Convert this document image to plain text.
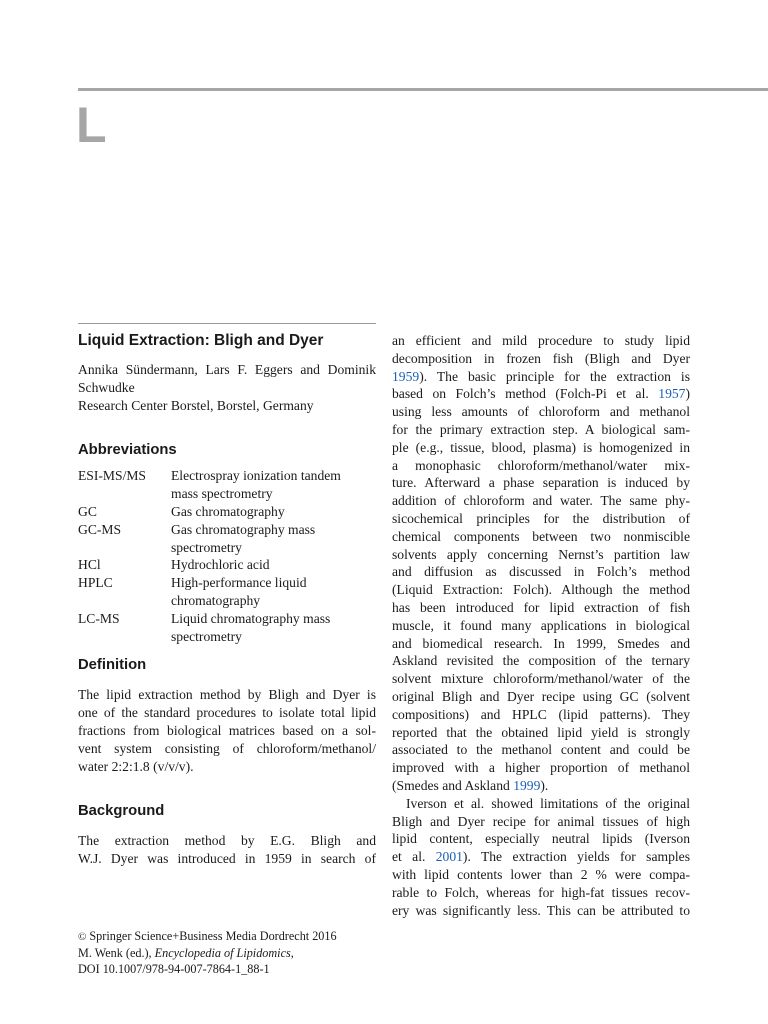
L
Liquid Extraction: Bligh and Dyer

Annika Sündermann, Lars F. Eggers and Dominik

Schwudke

Research Center Borstel, Borstel, Germany

Abbreviations
ESI-MS/MS	Electrospray ionization tandem
mass spectrometry
GC	Gas chromatography
GC-MS	Gas chromatography mass
spectrometry
HCl	Hydrochloric acid
HPLC	High-performance liquid
chromatography
LC-MS	Liquid chromatography mass
spectrometry
Definition

The lipid extraction method by Bligh and Dyer is

one of the standard procedures to isolate total lipid

fractions from biological matrices based on a sol-

vent system consisting of chloroform/methanol/

water 2:2:1.8 (v/v/v).

Background

The extraction method by E.G. Bligh and

W.J. Dyer was introduced in 1959 in search of

an efficient and mild procedure to study lipid

decomposition in frozen fish (Bligh and Dyer

1959). The basic principle for the extraction is

based on Folch’s method (Folch-Pi et al. 1957)

using less amounts of chloroform and methanol

for the primary extraction step. A biological sam-

ple (e.g., tissue, blood, plasma) is homogenized in

a monophasic chloroform/methanol/water mix-

ture. Afterward a phase separation is induced by

addition of chloroform and water. The same phy-

sicochemical principles for the distribution of

chemical components between two nonmiscible

solvents apply concerning Nernst’s partition law

and diffusion as discussed in Folch’s method

(Liquid Extraction: Folch). Although the method

has been introduced for lipid extraction of fish

muscle, it found many applications in biological

and biomedical research. In 1999, Smedes and

Askland revisited the composition of the ternary

solvent mixture chloroform/methanol/water of the

original Bligh and Dyer recipe using GC (solvent

compositions) and HPLC (lipid patterns). They

reported that the obtained lipid yield is strongly

associated to the methanol content and could be

improved with a higher proportion of methanol

(Smedes and Askland 1999).

Iverson et al. showed limitations of the original

Bligh and Dyer recipe for animal tissues of high

lipid content, especially neutral lipids (Iverson

et al. 2001). The extraction yields for samples

with lipid contents lower than 2 % were compa-

rable to Folch, whereas for high-fat tissues recov-

ery was significantly less. This can be attributed to

© Springer Science+Business Media Dordrecht 2016

M. Wenk (ed.), Encyclopedia of Lipidomics,

DOI 10.1007/978-94-007-7864-1_88-1
